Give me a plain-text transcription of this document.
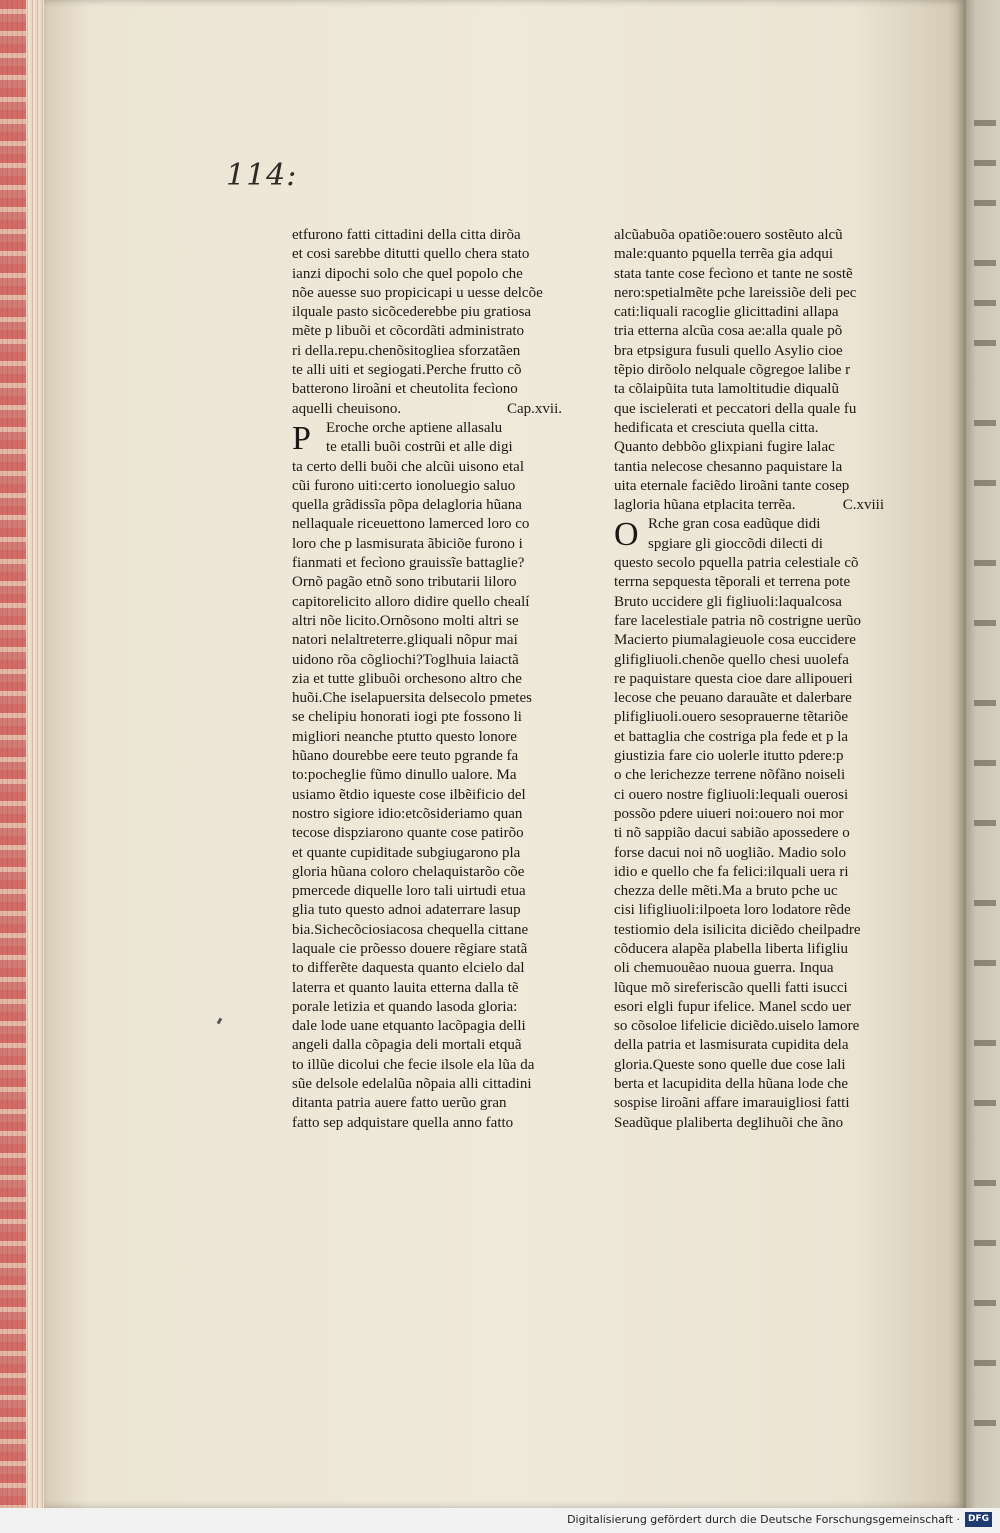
114:
etfurono fatti cittadini della citta dirõa
et cosi sarebbe ditutti quello chera stato
ianzi dipochi solo che quel popolo che
nõe auesse suo propicicapi u uesse delcõe
ilquale pasto sicõcederebbe piu gratiosa
mẽte p libuõi et cõcordãti administrato
ri della.repu.chenõsitoglieа sforzatãen
te alli uiti et segiogati.Perche frutto cõ
batterono liroãni et cheutolita fecìono
aquelli cheuisono.	Cap.xvii.
P Eroche orche aptiene allasalu
te etalli buõi costrũi et alle digi
ta certo delli buõi che alcũi uisono etal
cũi furono uiti:certo ionoluegio saluo
quella grãdissĩa põpa delagloria hũana
nellaquale riceuettono lamerced loro co
loro che p lasmisurata ãbiciõe furono i
fianmati et fecìono grauissĩe battaglie?
Ornõ pagão etnõ sono tributarii liloro
capitorelicito alloro didire quello chealí
altri nõe licito.Ornõsono molti altri se
natori nelaltreterre.gliquali nõpur mai
uidono rõa cõgliochi?Toglhuia laiactã
zia et tutte glibuõi orchesono altro che
huõi.Che iselapuersita delsecolo pmetes
se chelipiu honorati iogi pte fossono li
migliori neanche ptutto questo lonore
hũano dourebbe eere teuto pgrande fa
to:pocheglie fũmo dinullo ualore. Ma
usiamo ẽtdio iqueste cose ilbẽificio del
nostro sigiore idio:etcõsideriamo quan
tecose dispziarono quante cose patirõo
et quante cupiditade subgiugarono pla
gloria hũana coloro chelaquistarõo cõe
pmercede diquelle loro tali uirtudi etua
glia tuto questo adnoi adaterrare lasup
bia.Sichecõciosiacosa chequella cittane
laquale cie prõesso douere rẽgiare statã
to differẽte daquesta quanto elcielo dal
laterra et quanto lauita etterna dalla tẽ
porale letizia et quando lasoda gloria:
dale lode uane etquanto lacõpagia delli
angeli dalla cõpagia deli mortali etquã
to illũe dicolui che fecie ilsole ela lũa da
sũe delsole edelalũa nõpaia alli cittadini
ditanta patria auere fatto uerũo gran
fatto sep adquistare quella anno fatto
alcũabuõa opatiõe:ouero sostẽuto alcũ
male:quanto pquella terrẽa gia adqui
stata tante cose fecìono et tante ne sostẽ
nero:spetialmẽte pche lareissiõe deli pec
cati:liquali racoglie glicittadini allapa
tria etterna alcũa cosa ae:alla quale põ
bra etpsigura fusuli quello Asylio cioe
tẽpio dirõolo nelquale cõgregoe lalibe r
ta cõlaipũita tuta lamoltitudie diqualũ
que iscielerati et peccatori della quale fu
hedificata et cresciuta quella citta.
Quanto debbõo glixpiani fugire lalac
tantia nelecose chesanno paquistare la
uita eternale faciẽdo liroãni tante cosep
lagloria hũana etplacita terrẽa.	C.xviii
O Rche gran cosa eadũque didi
spgiare gli gioccõdi dilecti di
questo secolo pquella patria celestiale cõ
terrna sepquesta tẽporali et terrena pote
Bruto uccidere gli figliuoli:laqualcosa
fare lacelestiale patria nõ costrigne uerũo
Macierto piumalagieuole cosa euccidere
glifigliuoli.chenõe quello chesi uuolefa
re paquistare questa cioe dare allipoueri
lecose che peuano darauãte et dalerbare
plifigliuoli.ouero sesopraueгne tẽtariõe
et battaglia che costriga pla fede et p la
giustizia fare cio uolerle itutto pdere:p
o che lerichezze terrene nõfãno noiseli
ci ouero nostre figliuoli:lequali ouerosi
possõo pdere uiueri noi:ouero noi mor
ti nõ sappião dacui sabião apossedere o
forse dacui noi nõ uogliãо. Madio solo
idio e quello che fa felici:ilquali uera ri
chezza delle mẽti.Ma a bruto pche uc
cisi lifigliuoli:ilpoeta loro lodatore rẽde
testiomio dela isilicita diciẽdo cheilpadre
cõducera alapẽa plabella liberta lifigliu
oli chemuouẽaо nuoua guerra. Inqua
lũque mõ sireferiscão quelli fatti isucci
esori elgli fupur ifelice. Manel scdo uer
so cõsoloe lifelicie diciẽdo.uiselo lamore
della patria et lasmisurata cupidita dela
gloria.Queste sono quelle due cose lali
berta et lacupidita della hũana lode che
sospise liroãni affare imarauigliosi fatti
Seadũque plaliberta deglihuõi che ãno
Digitalisierung gefördert durch die Deutsche Forschungsgemeinschaft · DFG
